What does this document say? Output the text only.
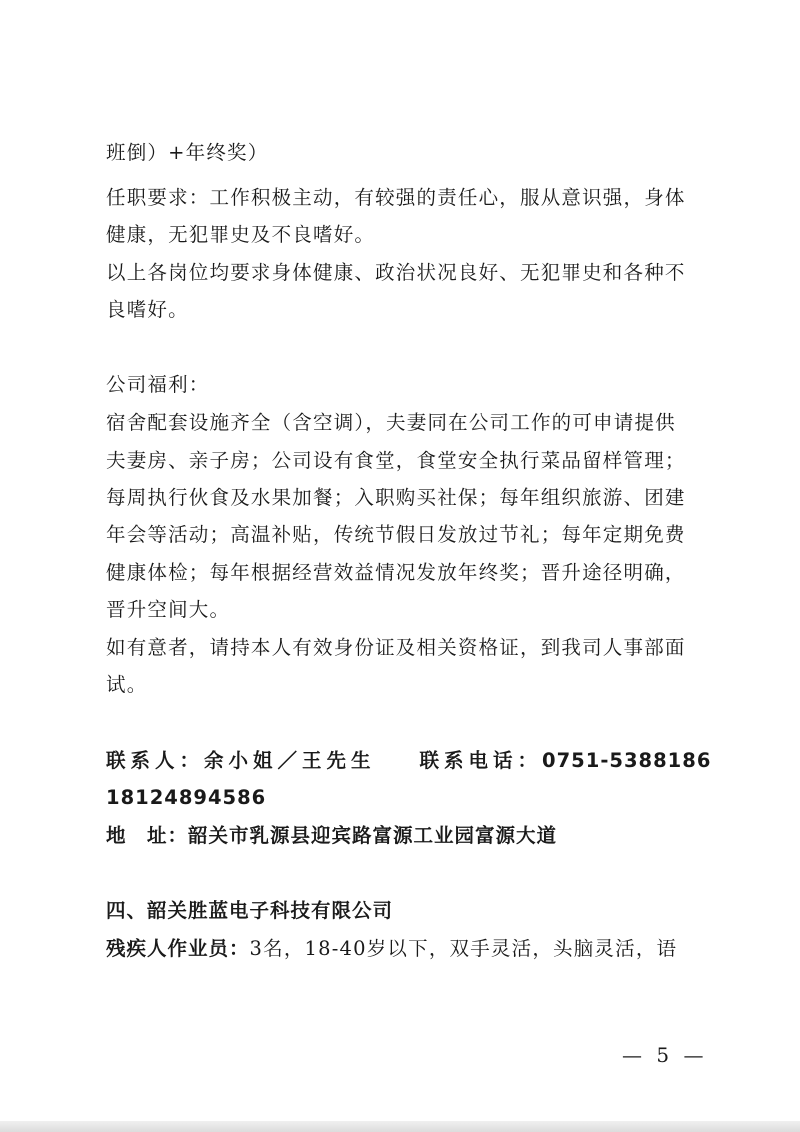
班倒）+年终奖）
任职要求：工作积极主动，有较强的责任心，服从意识强，身体
健康，无犯罪史及不良嗜好。
以上各岗位均要求身体健康、政治状况良好、无犯罪史和各种不
良嗜好。
公司福利：
宿舍配套设施齐全（含空调），夫妻同在公司工作的可申请提供
夫妻房、亲子房；公司设有食堂，食堂安全执行菜品留样管理；
每周执行伙食及水果加餐；入职购买社保；每年组织旅游、团建
年会等活动；高温补贴，传统节假日发放过节礼；每年定期免费
健康体检；每年根据经营效益情况发放年终奖；晋升途径明确，
晋升空间大。
如有意者，请持本人有效身份证及相关资格证，到我司人事部面
试。
联系人：余小姐／王先生 联系电话：0751-5388186
18124894586
地　址：韶关市乳源县迎宾路富源工业园富源大道
四、韶关胜蓝电子科技有限公司
残疾人作业员：3名，18-40岁以下，双手灵活，头脑灵活，语
— 5 —
